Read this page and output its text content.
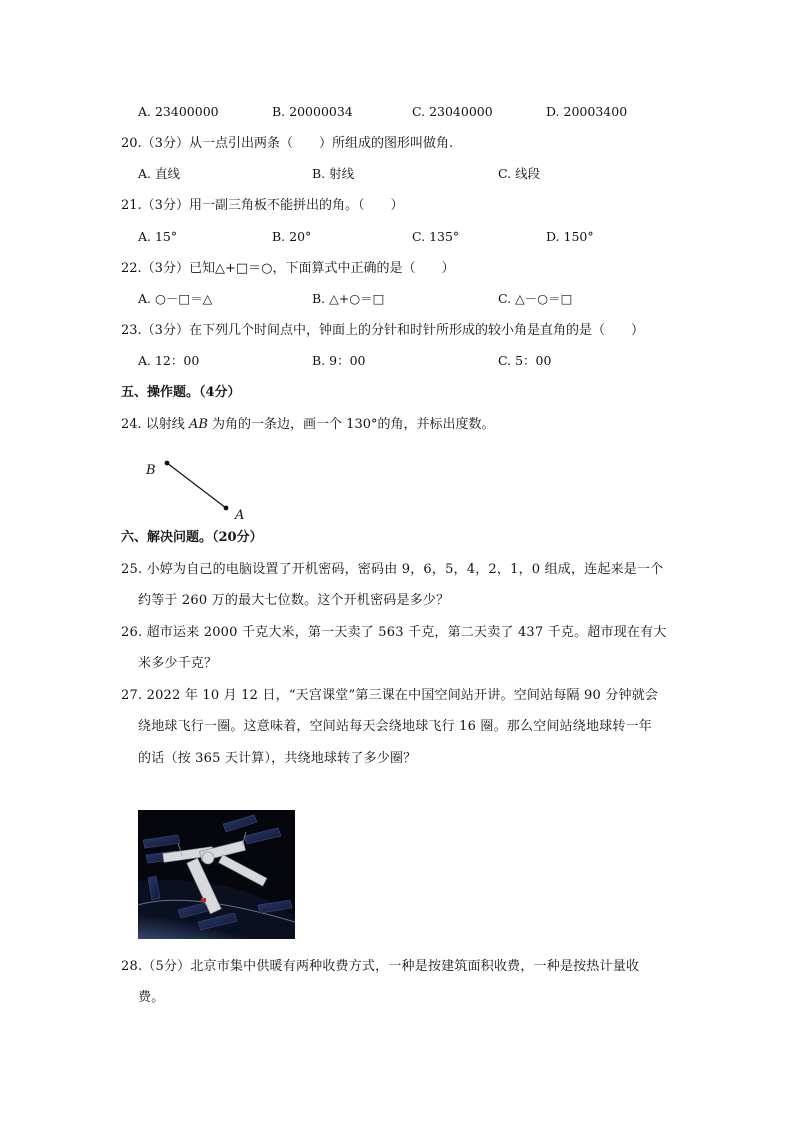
A. 23400000	B. 20000034	C. 23040000	D. 20003400
20.（3分）从一点引出两条（　　）所组成的图形叫做角.
A. 直线	B. 射线	C. 线段
21.（3分）用一副三角板不能拼出的角。（　　）
A. 15°	B. 20°	C. 135°	D. 150°
22.（3分）已知△+□＝○，下面算式中正确的是（　　）
A. ○－□＝△	B. △+○＝□	C. △－○＝□
23.（3分）在下列几个时间点中，钟面上的分针和时针所形成的较小角是直角的是（　　）
A. 12：00	B. 9：00	C. 5：00
五、操作题。（4分）
24. 以射线 AB 为角的一条边，画一个 130°的角，并标出度数。
B
A
六、解决问题。（20分）
25. 小婷为自己的电脑设置了开机密码，密码由 9，6，5，4，2，1，0 组成，连起来是一个
约等于 260 万的最大七位数。这个开机密码是多少？
26. 超市运来 2000 千克大米，第一天卖了 563 千克，第二天卖了 437 千克。超市现在有大
米多少千克？
27. 2022 年 10 月 12 日，“天宫课堂”第三课在中国空间站开讲。空间站每隔 90 分钟就会
绕地球飞行一圈。这意味着，空间站每天会绕地球飞行 16 圈。那么空间站绕地球转一年
的话（按 365 天计算），共绕地球转了多少圈？
28.（5分）北京市集中供暖有两种收费方式，一种是按建筑面积收费，一种是按热计量收
费。
